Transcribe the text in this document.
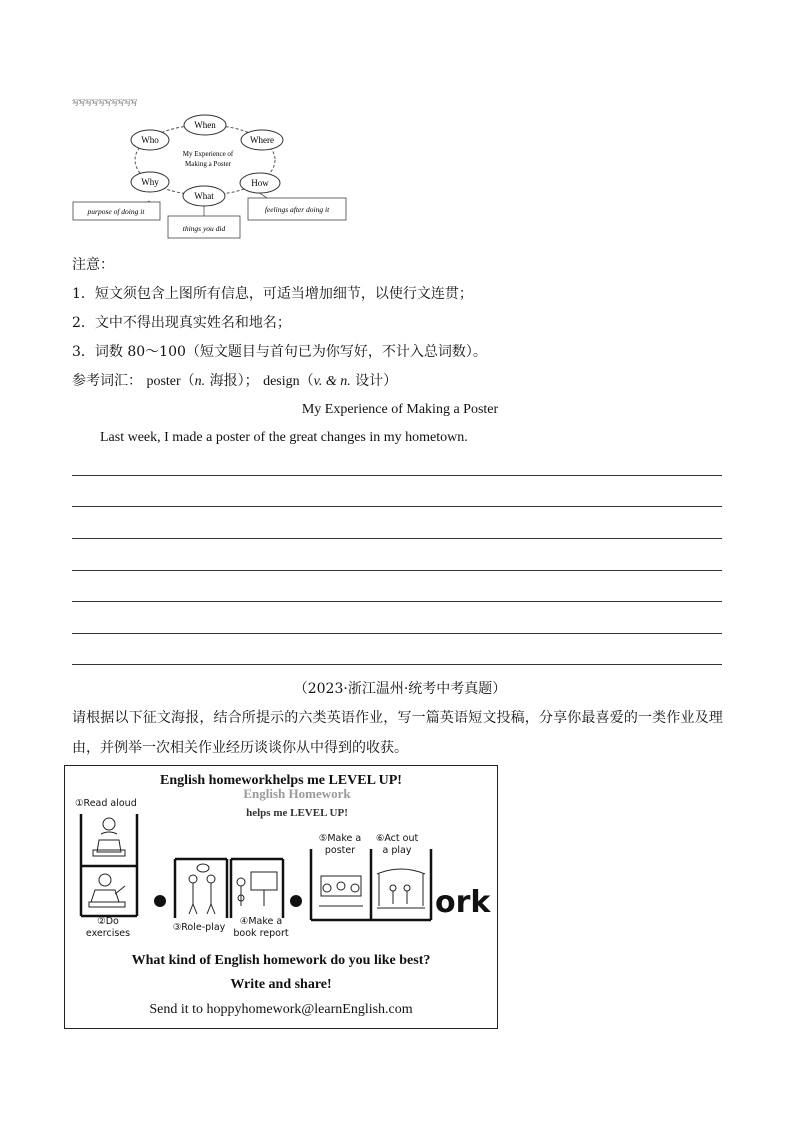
写写写写写写写写写写
When
Who	Where
Why
What
How
My Experience of
Making a Poster
purpose of doing it
things you did
feelings after doing it
注意：
1．短文须包含上图所有信息，可适当增加细节，以使行文连贯；
2．文中不得出现真实姓名和地名；
3．词数 80～100（短文题目与首句已为你写好，不计入总词数）。
参考词汇： poster（n. 海报）； design（v. & n. 设计）
My Experience of Making a Poster
Last week, I made a poster of the great changes in my hometown.
（2023·浙江温州·统考中考真题）
请根据以下征文海报，结合所提示的六类英语作业，写一篇英语短文投稿，分享你最喜爱的一类作业及理
由，并例举一次相关作业经历谈谈你从中得到的收获。
English homeworkhelps me LEVEL UP!
English Homework
helps me LEVEL UP!
ork
①Read aloud
②Do
exercises
③Role-play
④Make a
book report
⑤Make a
poster
⑥Act out
a play
What kind of English homework do you like best?
Write and share!
Send it to hoppyhomework@learnEnglish.com
